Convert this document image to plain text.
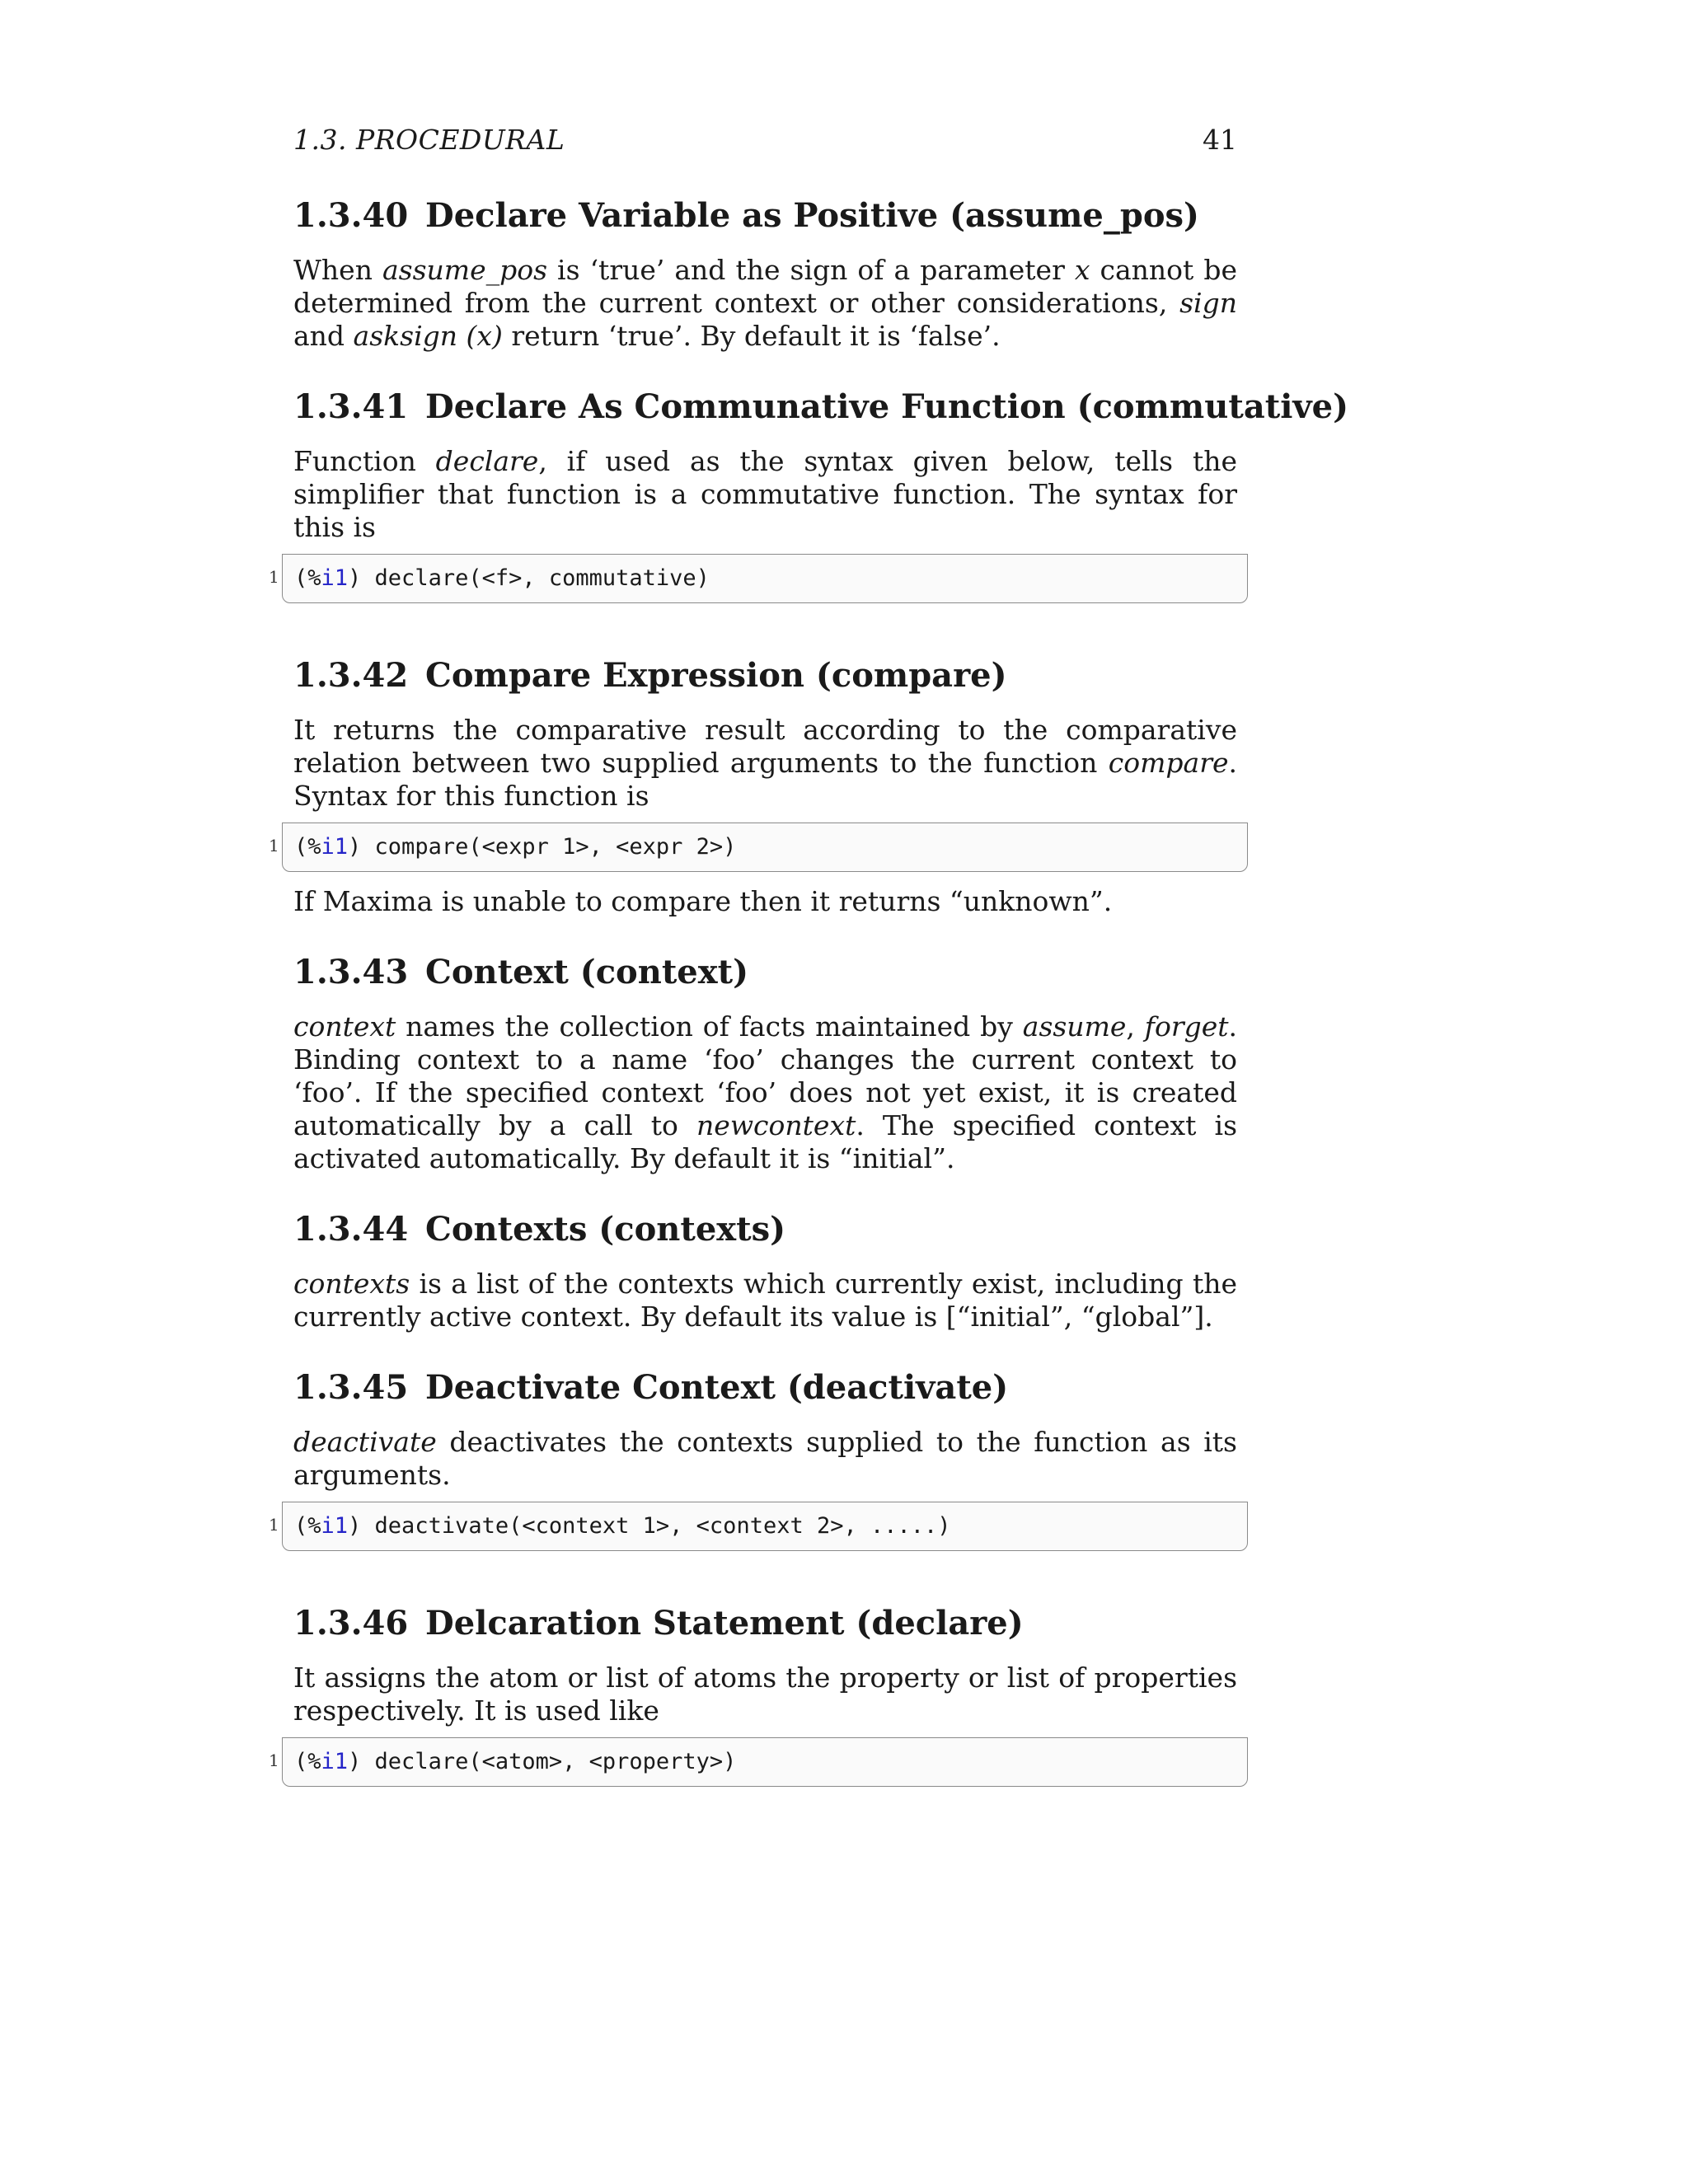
1.3. PROCEDURAL	41
1.3.40 Declare Variable as Positive (assume_pos)

When assume_pos is ‘true’ and the sign of a parameter x cannot be determined from the current context or other considerations, sign and asksign (x) return ‘true’. By default it is ‘false’.

1.3.41 Declare As Communative Function (commutative)

Function declare, if used as the syntax given below, tells the simplifier that function is a commutative function. The syntax for this is

1 (%i1) declare(<f>, commutative)
1.3.42 Compare Expression (compare)

It returns the comparative result according to the comparative relation between two supplied arguments to the function compare. Syntax for this function is

1 (%i1) compare(<expr 1>, <expr 2>)

If Maxima is unable to compare then it returns “unknown”.

1.3.43 Context (context)

context names the collection of facts maintained by assume, forget. Binding context to a name ‘foo’ changes the current context to ‘foo’. If the specified context ‘foo’ does not yet exist, it is created automatically by a call to newcontext. The specified context is activated automatically. By default it is “initial”.

1.3.44 Contexts (contexts)

contexts is a list of the contexts which currently exist, including the currently active context. By default its value is [“initial”, “global”].

1.3.45 Deactivate Context (deactivate)

deactivate deactivates the contexts supplied to the function as its arguments.

1 (%i1) deactivate(<context 1>, <context 2>, .....)
1.3.46 Delcaration Statement (declare)

It assigns the atom or list of atoms the property or list of properties respectively. It is used like

1 (%i1) declare(<atom>, <property>)
